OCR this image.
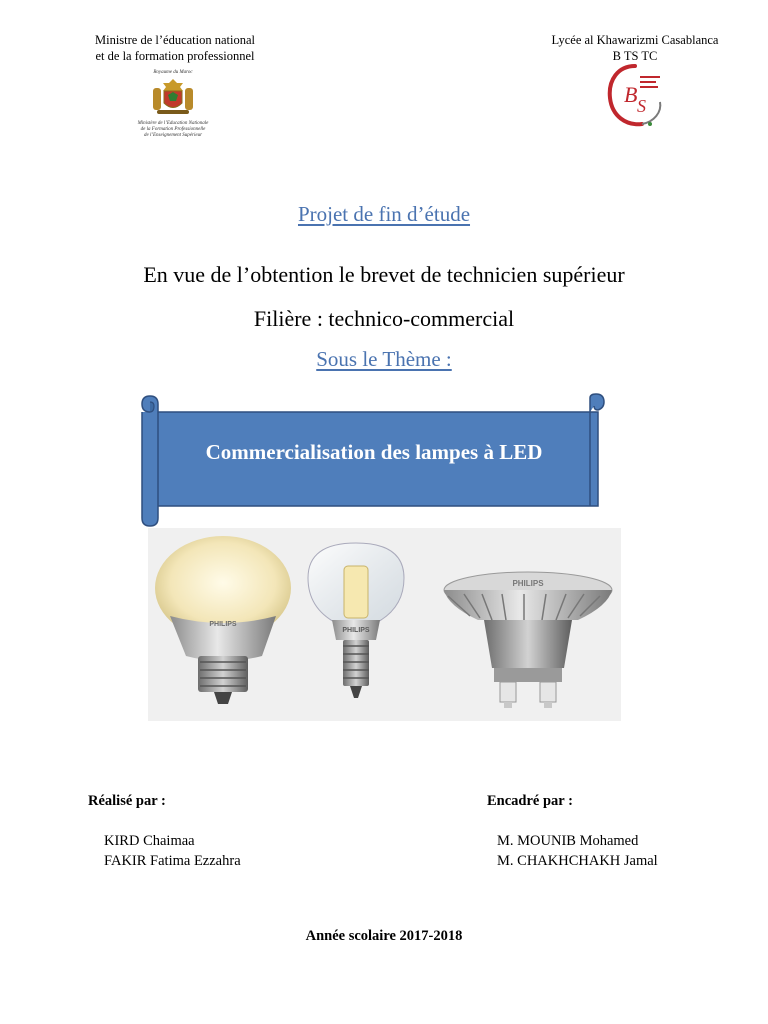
Ministre de l’éducation national
et de la formation professionnel
Lycée al Khawarizmi Casablanca
B TS TC
Royaume du Maroc
Ministère de l’Education Nationale
de la Formation Professionnelle
de l’Enseignement Supérieur
B S
Projet de fin d’étude
En vue de l’obtention le brevet de technicien supérieur
Filière : technico-commercial
Sous le Thème :
Commercialisation des lampes à LED
PHILIPS
PHILIPS
PHILIPS
Réalisé par :	Encadré par :
KIRD Chaimaa
FAKIR Fatima Ezzahra
M. MOUNIB Mohamed
M. CHAKHCHAKH Jamal
Année scolaire 2017-2018
